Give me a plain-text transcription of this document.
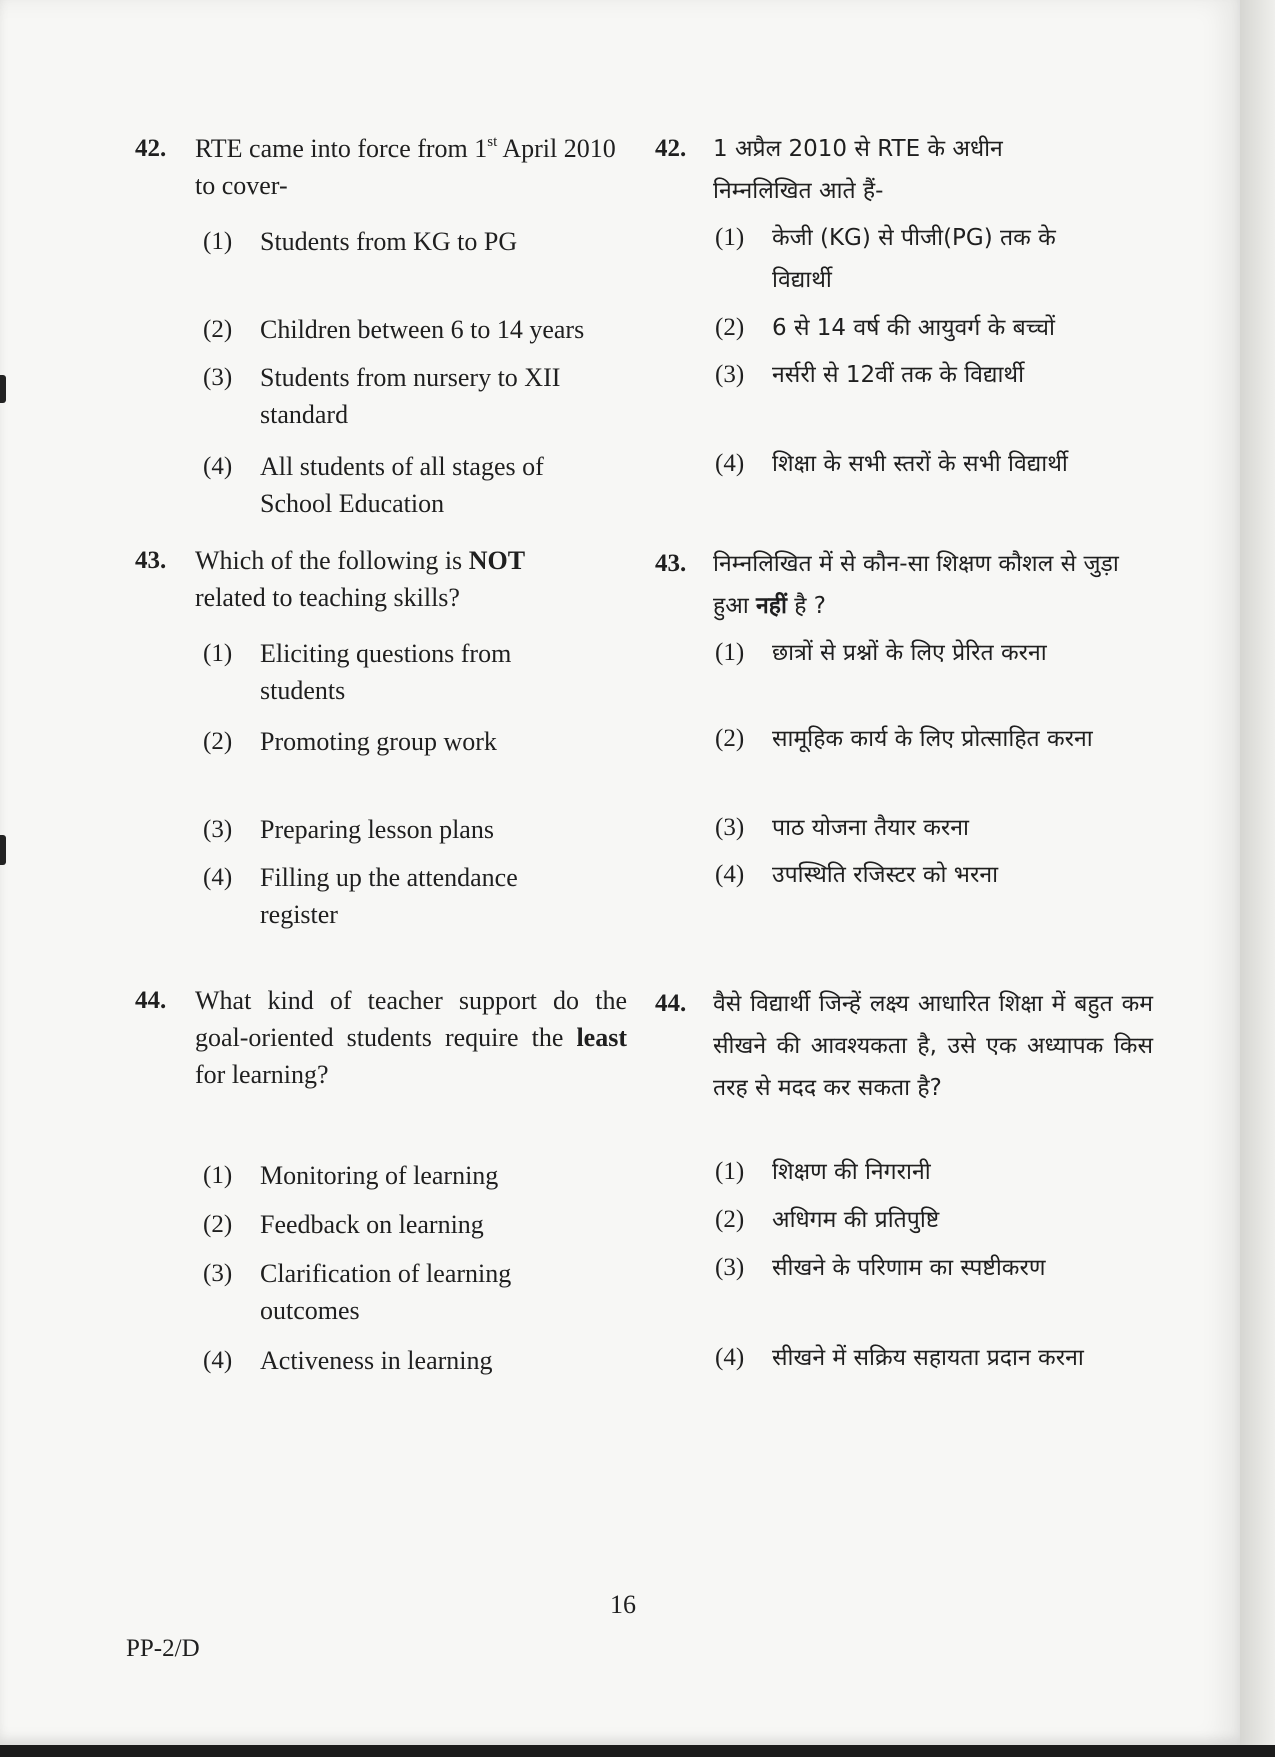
42.	RTE came into force from 1st April 2010 to cover-
(1)	Students from KG to PG
(2)	Children between 6 to 14 years
(3)	Students from nursery to XII standard
(4)	All students of all stages of School Education
43.	Which of the following is NOT related to teaching skills?
(1)	Eliciting questions from students
(2)	Promoting group work
(3)	Preparing lesson plans
(4)	Filling up the attendance register
44.	What kind of teacher support do the goal-oriented students require the least for learning?
(1)	Monitoring of learning
(2)	Feedback on learning
(3)	Clarification of learning outcomes
(4)	Activeness in learning
42.	1 अप्रैल 2010 से RTE के अधीन निम्नलिखित आते हैं-
(1)	केजी (KG) से पीजी(PG) तक के विद्यार्थी
(2)	6 से 14 वर्ष की आयुवर्ग के बच्चों
(3)	नर्सरी से 12वीं तक के विद्यार्थी
(4)	शिक्षा के सभी स्तरों के सभी विद्यार्थी
43.	निम्नलिखित में से कौन-सा शिक्षण कौशल से जुड़ा हुआ नहीं है ?
(1)	छात्रों से प्रश्नों के लिए प्रेरित करना
(2)	सामूहिक कार्य के लिए प्रोत्साहित करना
(3)	पाठ योजना तैयार करना
(4)	उपस्थिति रजिस्टर को भरना
44.	वैसे विद्यार्थी जिन्हें लक्ष्य आधारित शिक्षा में बहुत कम सीखने की आवश्यकता है, उसे एक अध्यापक किस तरह से मदद कर सकता है?
(1)	शिक्षण की निगरानी
(2)	अधिगम की प्रतिपुष्टि
(3)	सीखने के परिणाम का स्पष्टीकरण
(4)	सीखने में सक्रिय सहायता प्रदान करना
16
PP-2/D
